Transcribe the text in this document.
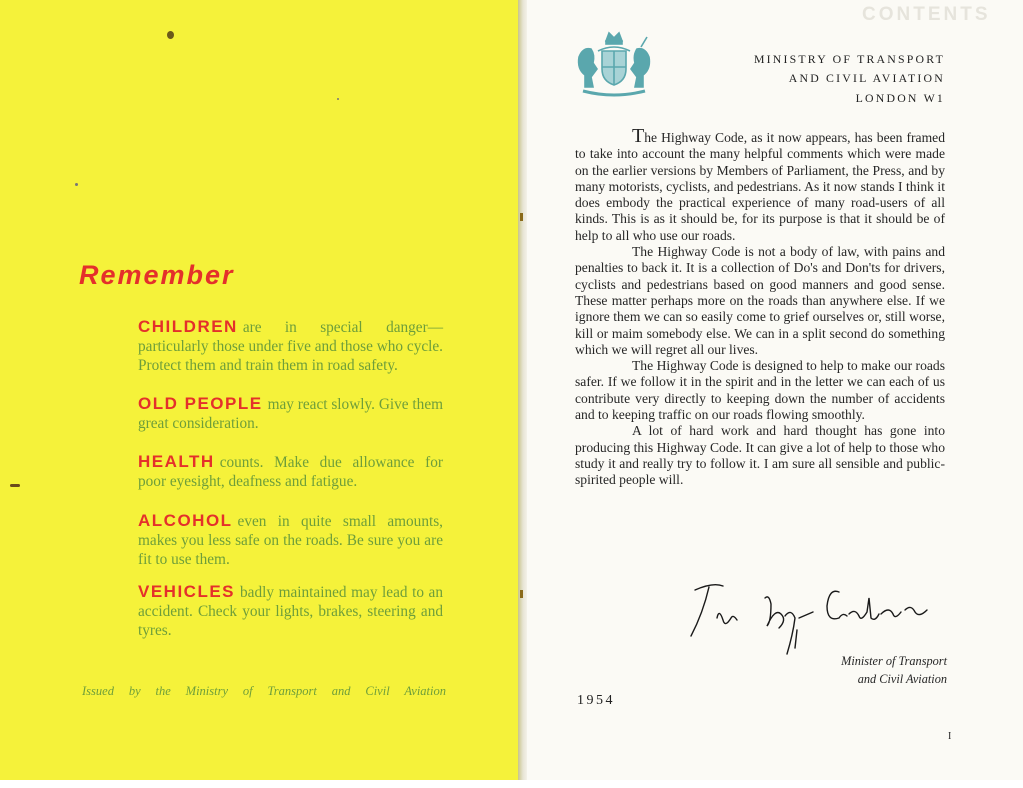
Remember
CHILDREN are in special danger—particularly those under five and those who cycle. Protect them and train them in road safety.
OLD PEOPLE may react slowly. Give them great consideration.
HEALTH counts. Make due allowance for poor eyesight, deafness and fatigue.
ALCOHOL even in quite small amounts, makes you less safe on the roads. Be sure you are fit to use them.
VEHICLES badly maintained may lead to an accident. Check your lights, brakes, steering and tyres.

Issued by the Ministry of Transport and Civil Aviation

CONTENTS

MINISTRY OF TRANSPORT

AND CIVIL AVIATION

LONDON W1

The Highway Code, as it now appears, has been framed to take into account the many helpful comments which were made on the earlier versions by Members of Parliament, the Press, and by many motorists, cyclists, and pedestrians. As it now stands I think it does embody the practical experience of many road-users of all kinds. This is as it should be, for its purpose is that it should be of help to all who use our roads.

The Highway Code is not a body of law, with pains and penalties to back it. It is a collection of Do's and Don'ts for drivers, cyclists and pedestrians based on good manners and good sense. These matter perhaps more on the roads than anywhere else. If we ignore them we can so easily come to grief ourselves or, still worse, kill or maim somebody else. We can in a split second do something which we will regret all our lives.

The Highway Code is designed to help to make our roads safer. If we follow it in the spirit and in the letter we can each of us contribute very directly to keeping down the number of accidents and to keeping traffic on our roads flowing smoothly.

A lot of hard work and hard thought has gone into producing this Highway Code. It can give a lot of help to those who study it and really try to follow it. I am sure all sensible and public-spirited people will.

Minister of Transport

and Civil Aviation

1954

I
